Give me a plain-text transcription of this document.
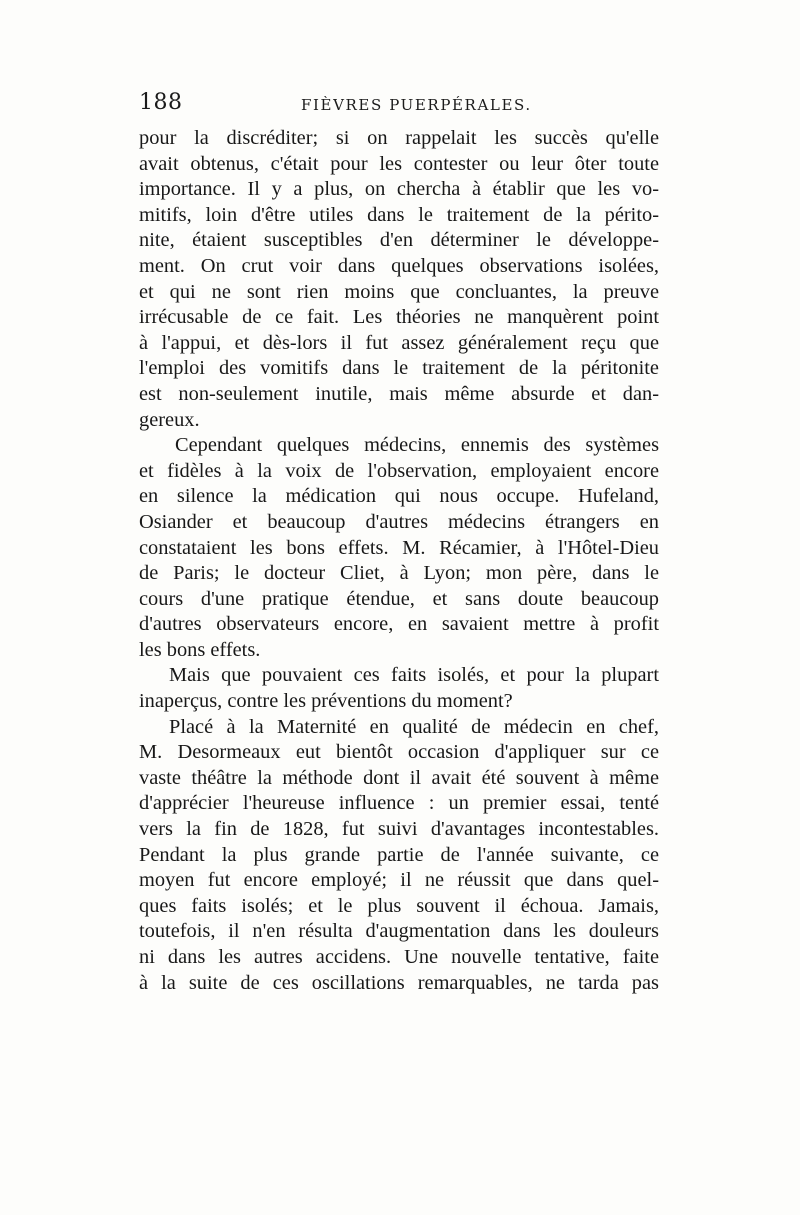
188	FIÈVRES PUERPÉRALES.
pour la discréditer; si on rappelait les succès qu'elle
avait obtenus, c'était pour les contester ou leur ôter toute
importance. Il y a plus, on chercha à établir que les vo-
mitifs, loin d'être utiles dans le traitement de la périto-
nite, étaient susceptibles d'en déterminer le développe-
ment. On crut voir dans quelques observations isolées,
et qui ne sont rien moins que concluantes, la preuve
irrécusable de ce fait. Les théories ne manquèrent point
à l'appui, et dès-lors il fut assez généralement reçu que
l'emploi des vomitifs dans le traitement de la péritonite
est non-seulement inutile, mais même absurde et dan-
gereux.
Cependant quelques médecins, ennemis des systèmes
et fidèles à la voix de l'observation, employaient encore
en silence la médication qui nous occupe. Hufeland,
Osiander et beaucoup d'autres médecins étrangers en
constataient les bons effets. M. Récamier, à l'Hôtel-Dieu
de Paris; le docteur Cliet, à Lyon; mon père, dans le
cours d'une pratique étendue, et sans doute beaucoup
d'autres observateurs encore, en savaient mettre à profit
les bons effets.
Mais que pouvaient ces faits isolés, et pour la plupart
inaperçus, contre les préventions du moment?
Placé à la Maternité en qualité de médecin en chef,
M. Desormeaux eut bientôt occasion d'appliquer sur ce
vaste théâtre la méthode dont il avait été souvent à même
d'apprécier l'heureuse influence : un premier essai, tenté
vers la fin de 1828, fut suivi d'avantages incontestables.
Pendant la plus grande partie de l'année suivante, ce
moyen fut encore employé; il ne réussit que dans quel-
ques faits isolés; et le plus souvent il échoua. Jamais,
toutefois, il n'en résulta d'augmentation dans les douleurs
ni dans les autres accidens. Une nouvelle tentative, faite
à la suite de ces oscillations remarquables, ne tarda pas
